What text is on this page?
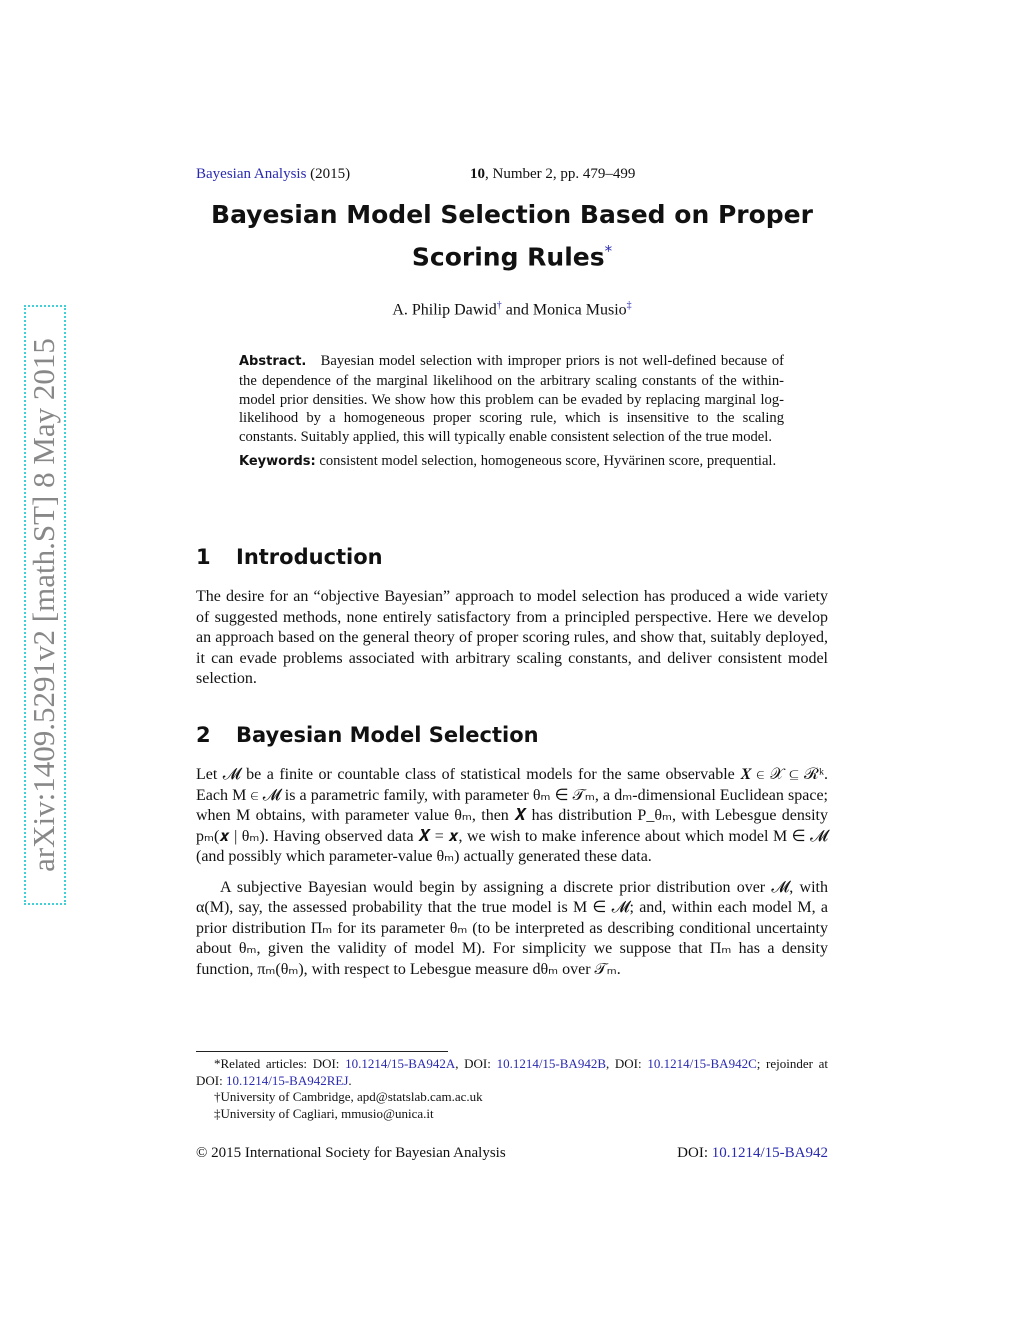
arXiv:1409.5291v2 [math.ST] 8 May 2015
Bayesian Analysis (2015)	10, Number 2, pp. 479–499
Bayesian Model Selection Based on Proper Scoring Rules*
A. Philip Dawid† and Monica Musio‡
Abstract. Bayesian model selection with improper priors is not well-defined because of the dependence of the marginal likelihood on the arbitrary scaling constants of the within-model prior densities. We show how this problem can be evaded by replacing marginal log-likelihood by a homogeneous proper scoring rule, which is insensitive to the scaling constants. Suitably applied, this will typically enable consistent selection of the true model.
Keywords: consistent model selection, homogeneous score, Hyvärinen score, prequential.
1 Introduction

The desire for an “objective Bayesian” approach to model selection has produced a wide variety of suggested methods, none entirely satisfactory from a principled perspective. Here we develop an approach based on the general theory of proper scoring rules, and show that, suitably deployed, it can evade problems associated with arbitrary scaling constants, and deliver consistent model selection.

2 Bayesian Model Selection

Let 𝓜 be a finite or countable class of statistical models for the same observable 𝑿 ∈ 𝒳 ⊆ ℛᵏ. Each M ∈ 𝓜 is a parametric family, with parameter θₘ ∈ 𝒯ₘ, a dₘ-dimensional Euclidean space; when M obtains, with parameter value θₘ, then 𝑿 has distribution P_θₘ, with Lebesgue density pₘ(𝒙 | θₘ). Having observed data 𝑿 = 𝒙, we wish to make inference about which model M ∈ 𝓜 (and possibly which parameter-value θₘ) actually generated these data.

A subjective Bayesian would begin by assigning a discrete prior distribution over 𝓜, with α(M), say, the assessed probability that the true model is M ∈ 𝓜; and, within each model M, a prior distribution Πₘ for its parameter θₘ (to be interpreted as describing conditional uncertainty about θₘ, given the validity of model M). For simplicity we suppose that Πₘ has a density function, πₘ(θₘ), with respect to Lebesgue measure dθₘ over 𝒯ₘ.

*Related articles: DOI: 10.1214/15-BA942A, DOI: 10.1214/15-BA942B, DOI: 10.1214/15-BA942C; rejoinder at DOI: 10.1214/15-BA942REJ.

†University of Cambridge, apd@statslab.cam.ac.uk

‡University of Cagliari, mmusio@unica.it

© 2015 International Society for Bayesian Analysis	DOI: 10.1214/15-BA942
